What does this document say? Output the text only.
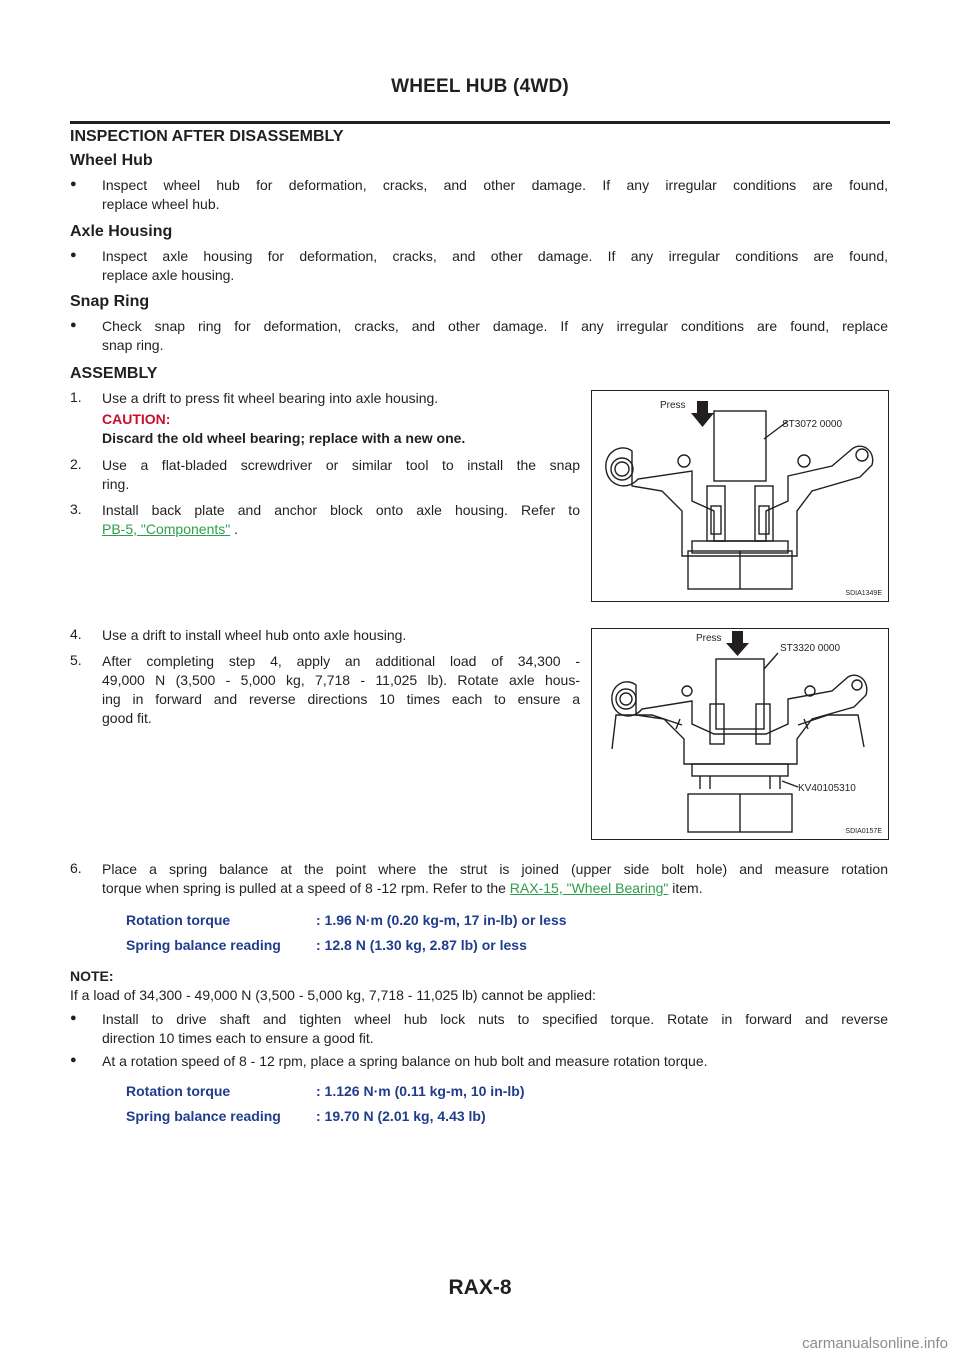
WHEEL HUB (4WD)
INSPECTION AFTER DISASSEMBLY
Wheel Hub
● Inspect wheel hub for deformation, cracks, and other damage. If any irregular conditions are found,
replace wheel hub.
Axle Housing
● Inspect axle housing for deformation, cracks, and other damage. If any irregular conditions are found,
replace axle housing.
Snap Ring
● Check snap ring for deformation, cracks, and other damage. If any irregular conditions are found, replace
snap ring.
ASSEMBLY
1. Use a drift to press fit wheel bearing into axle housing.
CAUTION:
Discard the old wheel bearing; replace with a new one.
2. Use a flat-bladed screwdriver or similar tool to install the snap
ring.
3. Install back plate and anchor block onto axle housing. Refer to
PB-5, "Components" .
Press
ST3072 0000
SDIA1349E
4. Use a drift to install wheel hub onto axle housing.
5. After completing step 4, apply an additional load of 34,300 -
49,000 N (3,500 - 5,000 kg, 7,718 - 11,025 lb). Rotate axle hous-
ing in forward and reverse directions 10 times each to ensure a
good fit.
Press
ST3320 0000
KV40105310
SDIA0157E
6. Place a spring balance at the point where the strut is joined (upper side bolt hole) and measure rotation
torque when spring is pulled at a speed of 8 -12 rpm. Refer to the RAX-15, "Wheel Bearing" item.
Rotation torque	: 1.96 N·m (0.20 kg-m, 17 in-lb) or less
Spring balance reading	: 12.8 N (1.30 kg, 2.87 lb) or less
NOTE:
If a load of 34,300 - 49,000 N (3,500 - 5,000 kg, 7,718 - 11,025 lb) cannot be applied:
● Install to drive shaft and tighten wheel hub lock nuts to specified torque. Rotate in forward and reverse
direction 10 times each to ensure a good fit.
● At a rotation speed of 8 - 12 rpm, place a spring balance on hub bolt and measure rotation torque.
Rotation torque	: 1.126 N·m (0.11 kg-m, 10 in-lb)
Spring balance reading	: 19.70 N (2.01 kg, 4.43 lb)
RAX-8
carmanualsonline.info
